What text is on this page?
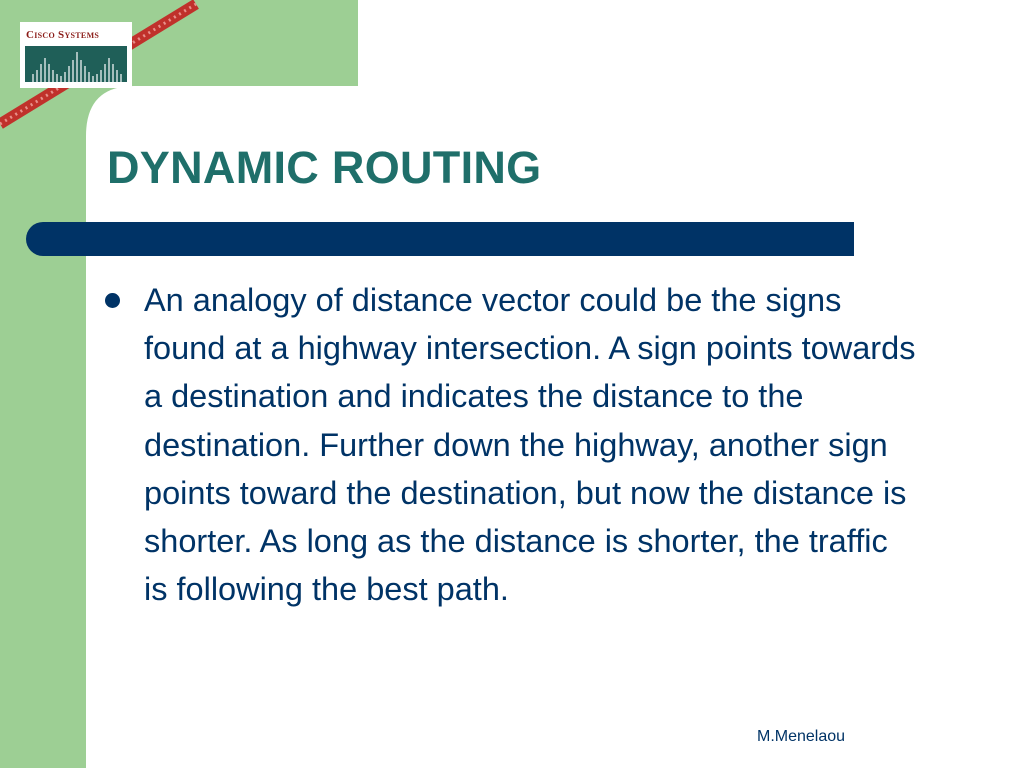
Cisco Systems
DYNAMIC ROUTING
An analogy of distance vector could be the signs found at a highway intersection. A sign points towards a destination and indicates the distance to the destination. Further down the highway, another sign points toward the destination, but now the distance is shorter. As long as the distance is shorter, the traffic is following the best path.
M.Menelaou
